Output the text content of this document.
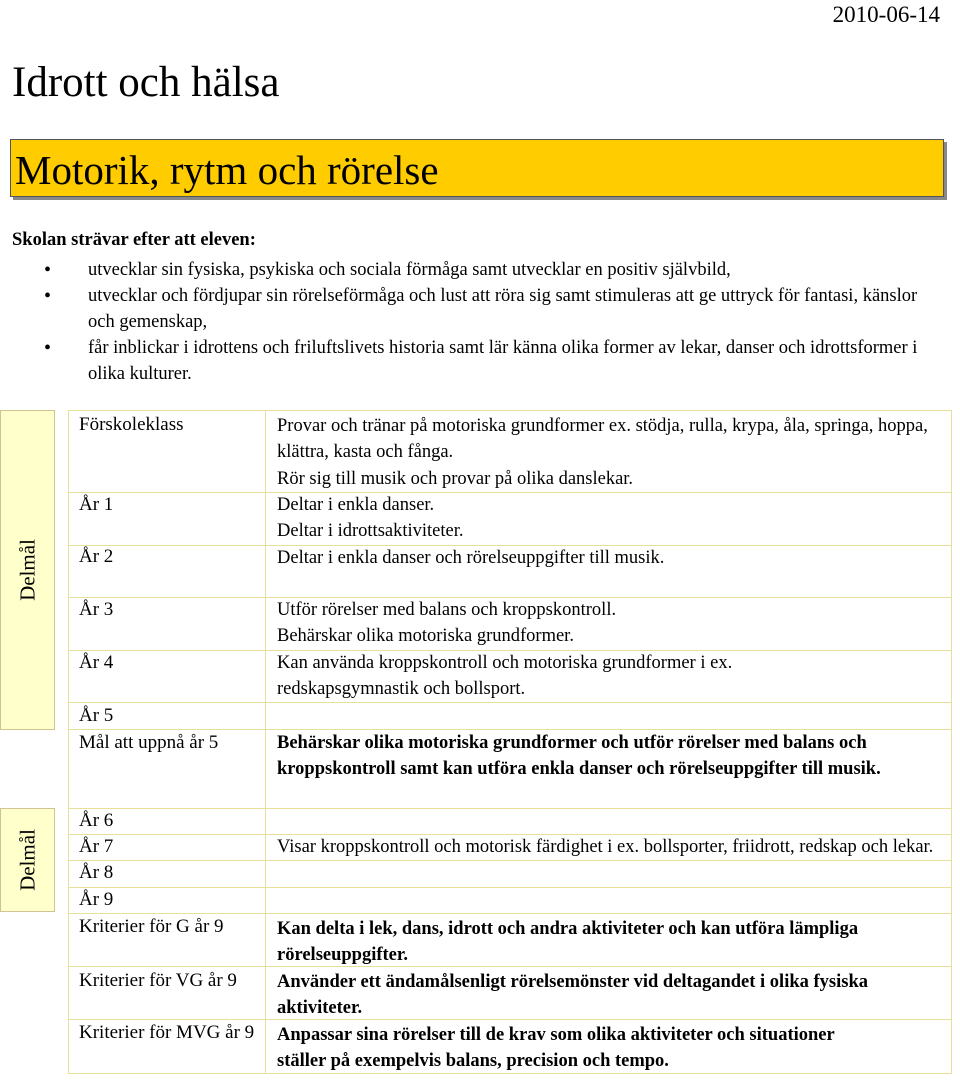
2010-06-14
Idrott och hälsa
Motorik, rytm och rörelse
Skolan strävar efter att eleven:
• utvecklar sin fysiska, psykiska och sociala förmåga samt utvecklar en positiv självbild,
• utvecklar och fördjupar sin rörelseförmåga och lust att röra sig samt stimuleras att ge uttryck för fantasi, känslor och gemenskap,
• får inblickar i idrottens och friluftslivets historia samt lär känna olika former av lekar, danser och idrottsformer i olika kulturer.
Delmål
Delmål
Förskoleklass
År 1
År 2
År 3
År 4
År 5
Mål att uppnå år 5
År 6
År 7
År 8
År 9
Kriterier för G år 9
Kriterier för VG år 9
Kriterier för MVG år 9
Provar och tränar på motoriska grundformer ex. stödja, rulla, krypa, åla, springa, hoppa, klättra, kasta och fånga.
Rör sig till musik och provar på olika danslekar.
Deltar i enkla danser.
Deltar i idrottsaktiviteter.
Deltar i enkla danser och rörelseuppgifter till musik.
Utför rörelser med balans och kroppskontroll.
Behärskar olika motoriska grundformer.
Kan använda kroppskontroll och motoriska grundformer i ex. redskapsgymnastik och bollsport.
Behärskar olika motoriska grundformer och utför rörelser med balans och kroppskontroll samt kan utföra enkla danser och rörelseuppgifter till musik.
Visar kroppskontroll och motorisk färdighet i ex. bollsporter, friidrott, redskap och lekar.
Kan delta i lek, dans, idrott och andra aktiviteter och kan utföra lämpliga rörelseuppgifter.
Använder ett ändamålsenligt rörelsemönster vid deltagandet i olika fysiska aktiviteter.
Anpassar sina rörelser till de krav som olika aktiviteter och situationer ställer på exempelvis balans, precision och tempo.
